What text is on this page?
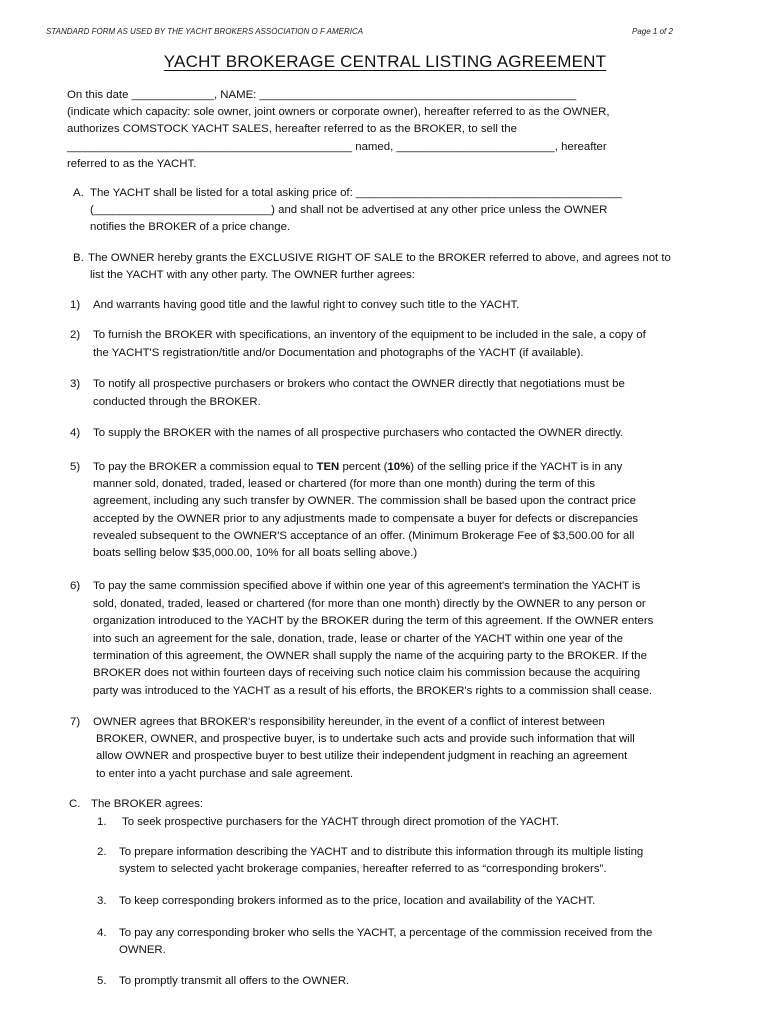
STANDARD FORM AS USED BY THE YACHT BROKERS ASSOCIATION O F AMERICA	Page 1 of 2
YACHT BROKERAGE CENTRAL LISTING AGREEMENT
On this date _____________, NAME: __________________________________________________
(indicate which capacity: sole owner, joint owners or corporate owner), hereafter referred to as the OWNER,
authorizes COMSTOCK YACHT SALES, hereafter referred to as the BROKER, to sell the
_____________________________________________ named, _________________________, hereafter
referred to as the YACHT.
A. The YACHT shall be listed for a total asking price of: __________________________________________
(____________________________) and shall not be advertised at any other price unless the OWNER
notifies the BROKER of a price change.
B. The OWNER hereby grants the EXCLUSIVE RIGHT OF SALE to the BROKER referred to above, and agrees not to
list the YACHT with any other party. The OWNER further agrees:
1) And warrants having good title and the lawful right to convey such title to the YACHT.
2) To furnish the BROKER with specifications, an inventory of the equipment to be included in the sale, a copy of
the YACHT'S registration/title and/or Documentation and photographs of the YACHT (if available).
3) To notify all prospective purchasers or brokers who contact the OWNER directly that negotiations must be
conducted through the BROKER.
4) To supply the BROKER with the names of all prospective purchasers who contacted the OWNER directly.
5) To pay the BROKER a commission equal to TEN percent (10%) of the selling price if the YACHT is in any
manner sold, donated, traded, leased or chartered (for more than one month) during the term of this
agreement, including any such transfer by OWNER. The commission shall be based upon the contract price
accepted by the OWNER prior to any adjustments made to compensate a buyer for defects or discrepancies
revealed subsequent to the OWNER'S acceptance of an offer. (Minimum Brokerage Fee of $3,500.00 for all
boats selling below $35,000.00, 10% for all boats selling above.)
6) To pay the same commission specified above if within one year of this agreement's termination the YACHT is
sold, donated, traded, leased or chartered (for more than one month) directly by the OWNER to any person or
organization introduced to the YACHT by the BROKER during the term of this agreement. If the OWNER enters
into such an agreement for the sale, donation, trade, lease or charter of the YACHT within one year of the
termination of this agreement, the OWNER shall supply the name of the acquiring party to the BROKER. If the
BROKER does not within fourteen days of receiving such notice claim his commission because the acquiring
party was introduced to the YACHT as a result of his efforts, the BROKER's rights to a commission shall cease.
7) OWNER agrees that BROKER's responsibility hereunder, in the event of a conflict of interest between
BROKER, OWNER, and prospective buyer, is to undertake such acts and provide such information that will
allow OWNER and prospective buyer to best utilize their independent judgment in reaching an agreement
to enter into a yacht purchase and sale agreement.
C. The BROKER agrees:
1. To seek prospective purchasers for the YACHT through direct promotion of the YACHT.
2. To prepare information describing the YACHT and to distribute this information through its multiple listing
system to selected yacht brokerage companies, hereafter referred to as “corresponding brokers”.
3. To keep corresponding brokers informed as to the price, location and availability of the YACHT.
4. To pay any corresponding broker who sells the YACHT, a percentage of the commission received from the
OWNER.
5. To promptly transmit all offers to the OWNER.
